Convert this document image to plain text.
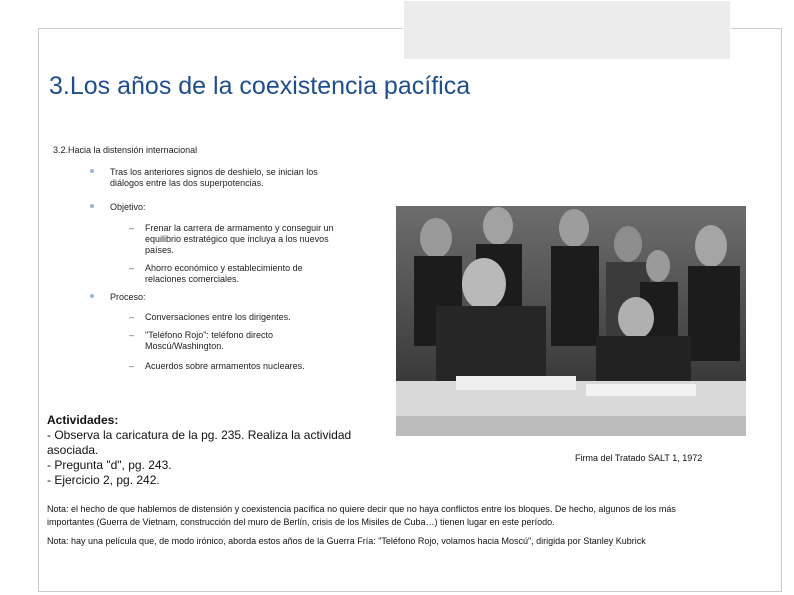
3.Los años de la coexistencia pacífica
3.2.Hacia la distensión internacional
Tras los anteriores signos de deshielo, se inician los diálogos entre las dos superpotencias.
Objetivo:
– Frenar la carrera de armamento y conseguir un equilibrio estratégico que incluya a los nuevos países.
– Ahorro económico y establecimiento de relaciones comerciales.
Proceso:
– Conversaciones entre los dirigentes.
– "Teléfono Rojo": teléfono directo Moscú/Washington.
– Acuerdos sobre armamentos nucleares.
Firma del Tratado SALT 1, 1972
Actividades:
- Observa la caricatura de la pg. 235. Realiza la actividad asociada.
- Pregunta "d", pg. 243.
- Ejercicio 2, pg. 242.
Nota: el hecho de que hablemos de distensión y coexistencia pacífica no quiere decir que no haya conflictos entre los bloques. De hecho, algunos de los más importantes (Guerra de Vietnam, construcción del muro de Berlín, crisis de los Misiles de Cuba…) tienen lugar en este período.
Nota: hay una película que, de modo irónico, aborda estos años de la Guerra Fría: "Teléfono Rojo, volamos hacia Moscú", dirigida por Stanley Kubrick
